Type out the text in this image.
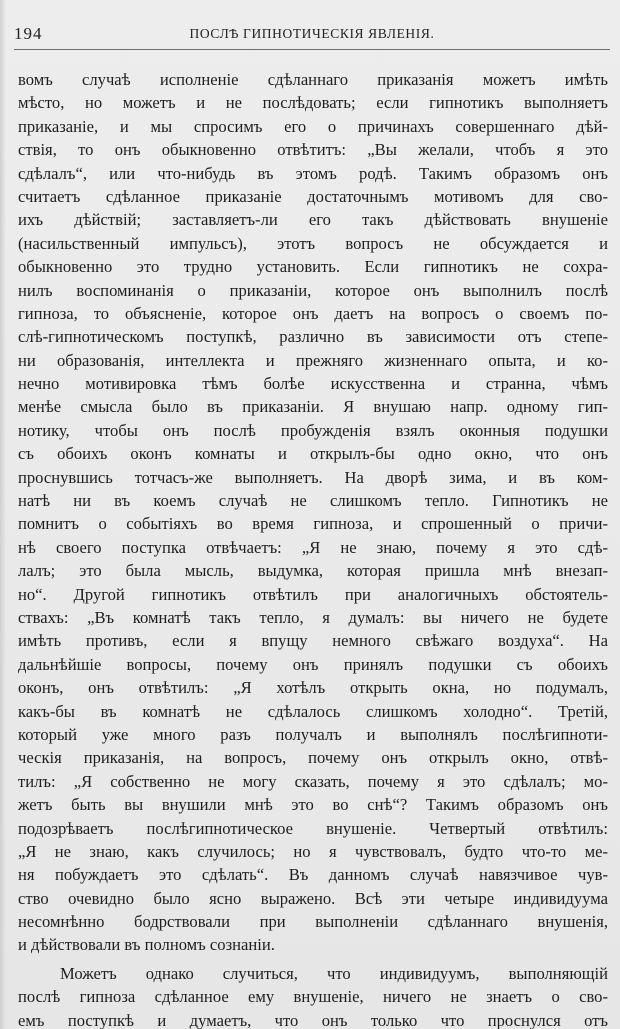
194	ПОСЛѢ ГИПНОТИЧЕСКІЯ ЯВЛЕНІЯ.
вомъ случаѣ исполненіе сдѣланнаго приказанія можетъ имѣть
мѣсто, но можетъ и не послѣдовать; если гипнотикъ выполняетъ
приказаніе, и мы спросимъ его о причинахъ совершеннаго дѣй-
ствія, то онъ обыкновенно отвѣтитъ: „Вы желали, чтобъ я это
сдѣлалъ“, или что-нибудь въ этомъ родѣ. Такимъ образомъ онъ
считаетъ сдѣланное приказаніе достаточнымъ мотивомъ для сво-
ихъ дѣйствій; заставляетъ-ли его такъ дѣйствовать внушеніе
(насильственный импульсъ), этотъ вопросъ не обсуждается и
обыкновенно это трудно установить. Если гипнотикъ не сохра-
нилъ воспоминанія о приказаніи, которое онъ выполнилъ послѣ
гипноза, то объясненіе, которое онъ даетъ на вопросъ о своемъ по-
слѣ-гипнотическомъ поступкѣ, различно въ зависимости отъ степе-
ни образованія, интеллекта и прежняго жизненнаго опыта, и ко-
нечно мотивировка тѣмъ болѣе искусственна и странна, чѣмъ
менѣе смысла было въ приказаніи. Я внушаю напр. одному гип-
нотику, чтобы онъ послѣ пробужденія взялъ оконныя подушки
съ обоихъ оконъ комнаты и открылъ-бы одно окно, что онъ
проснувшись тотчасъ-же выполняетъ. На дворѣ зима, и въ ком-
натѣ ни въ коемъ случаѣ не слишкомъ тепло. Гипнотикъ не
помнитъ о событіяхъ во время гипноза, и спрошенный о причи-
нѣ своего поступка отвѣчаетъ: „Я не знаю, почему я это сдѣ-
лалъ; это была мысль, выдумка, которая пришла мнѣ внезап-
но“. Другой гипнотикъ отвѣтилъ при аналогичныхъ обстоятель-
ствахъ: „Въ комнатѣ такъ тепло, я думалъ: вы ничего не будете
имѣть противъ, если я впущу немного свѣжаго воздуха“. На
дальнѣйшіе вопросы, почему онъ принялъ подушки съ обоихъ
оконъ, онъ отвѣтилъ: „Я хотѣлъ открыть окна, но подумалъ,
какъ-бы въ комнатѣ не сдѣлалось слишкомъ холодно“. Третій,
который уже много разъ получалъ и выполнялъ послѣгипноти-
ческія приказанія, на вопросъ, почему онъ открылъ окно, отвѣ-
тилъ: „Я собственно не могу сказать, почему я это сдѣлалъ; мо-
жетъ быть вы внушили мнѣ это во снѣ“? Такимъ образомъ онъ
подозрѣваетъ послѣгипнотическое внушеніе. Четвертый отвѣтилъ:
„Я не знаю, какъ случилось; но я чувствовалъ, будто что-то ме-
ня побуждаетъ это сдѣлать“. Въ данномъ случаѣ навязчивое чув-
ство очевидно было ясно выражено. Всѣ эти четыре индивидуума
несомнѣнно бодрствовали при выполненіи сдѣланнаго внушенія,
и дѣйствовали въ полномъ сознаніи.
Можетъ однако случиться, что индивидуумъ, выполняющій
послѣ гипноза сдѣланное ему внушеніе, ничего не знаетъ о сво-
емъ поступкѣ и думаетъ, что онъ только что проснулся отъ
